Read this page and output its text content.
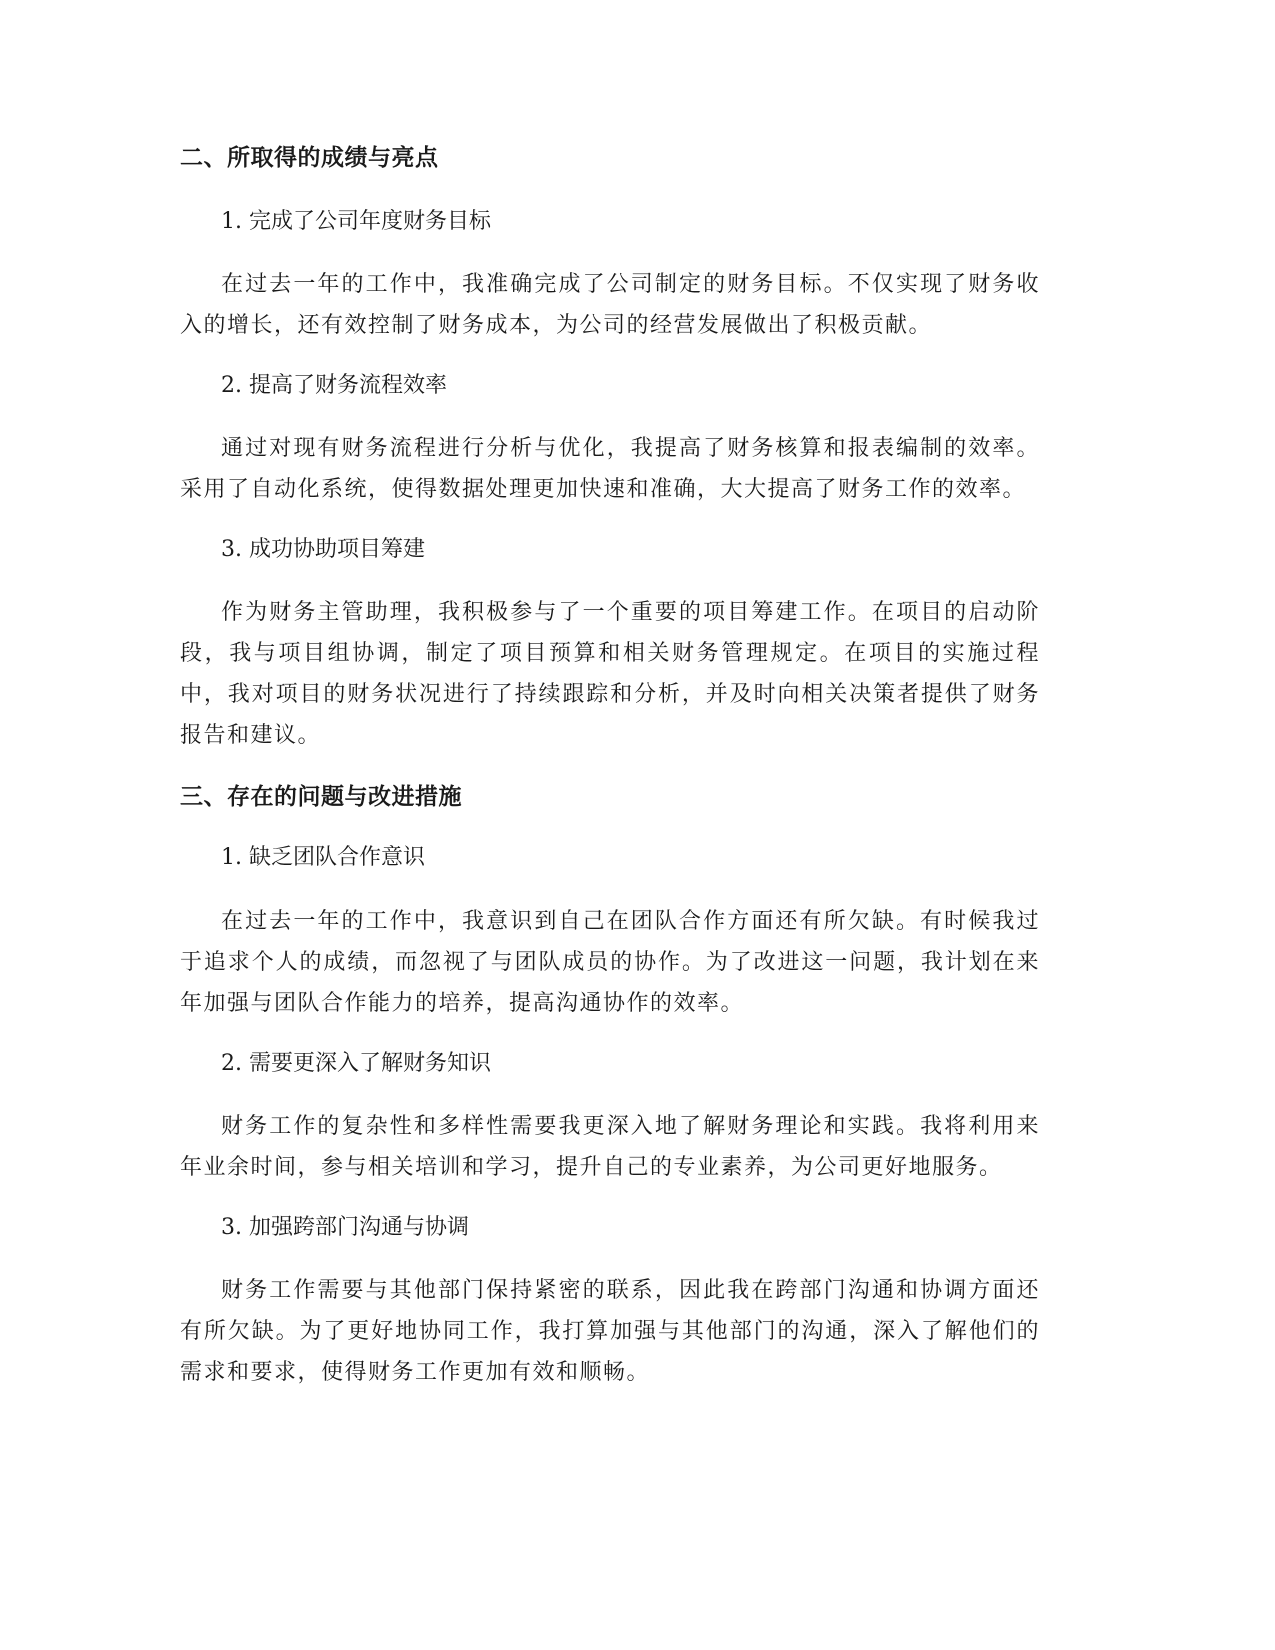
二、所取得的成绩与亮点

1. 完成了公司年度财务目标

在过去一年的工作中，我准确完成了公司制定的财务目标。不仅实现了财务收入的增长，还有效控制了财务成本，为公司的经营发展做出了积极贡献。

2. 提高了财务流程效率

通过对现有财务流程进行分析与优化，我提高了财务核算和报表编制的效率。采用了自动化系统，使得数据处理更加快速和准确，大大提高了财务工作的效率。

3. 成功协助项目筹建

作为财务主管助理，我积极参与了一个重要的项目筹建工作。在项目的启动阶段，我与项目组协调，制定了项目预算和相关财务管理规定。在项目的实施过程中，我对项目的财务状况进行了持续跟踪和分析，并及时向相关决策者提供了财务报告和建议。

三、存在的问题与改进措施

1. 缺乏团队合作意识

在过去一年的工作中，我意识到自己在团队合作方面还有所欠缺。有时候我过于追求个人的成绩，而忽视了与团队成员的协作。为了改进这一问题，我计划在来年加强与团队合作能力的培养，提高沟通协作的效率。

2. 需要更深入了解财务知识

财务工作的复杂性和多样性需要我更深入地了解财务理论和实践。我将利用来年业余时间，参与相关培训和学习，提升自己的专业素养，为公司更好地服务。

3. 加强跨部门沟通与协调

财务工作需要与其他部门保持紧密的联系，因此我在跨部门沟通和协调方面还有所欠缺。为了更好地协同工作，我打算加强与其他部门的沟通，深入了解他们的需求和要求，使得财务工作更加有效和顺畅。
